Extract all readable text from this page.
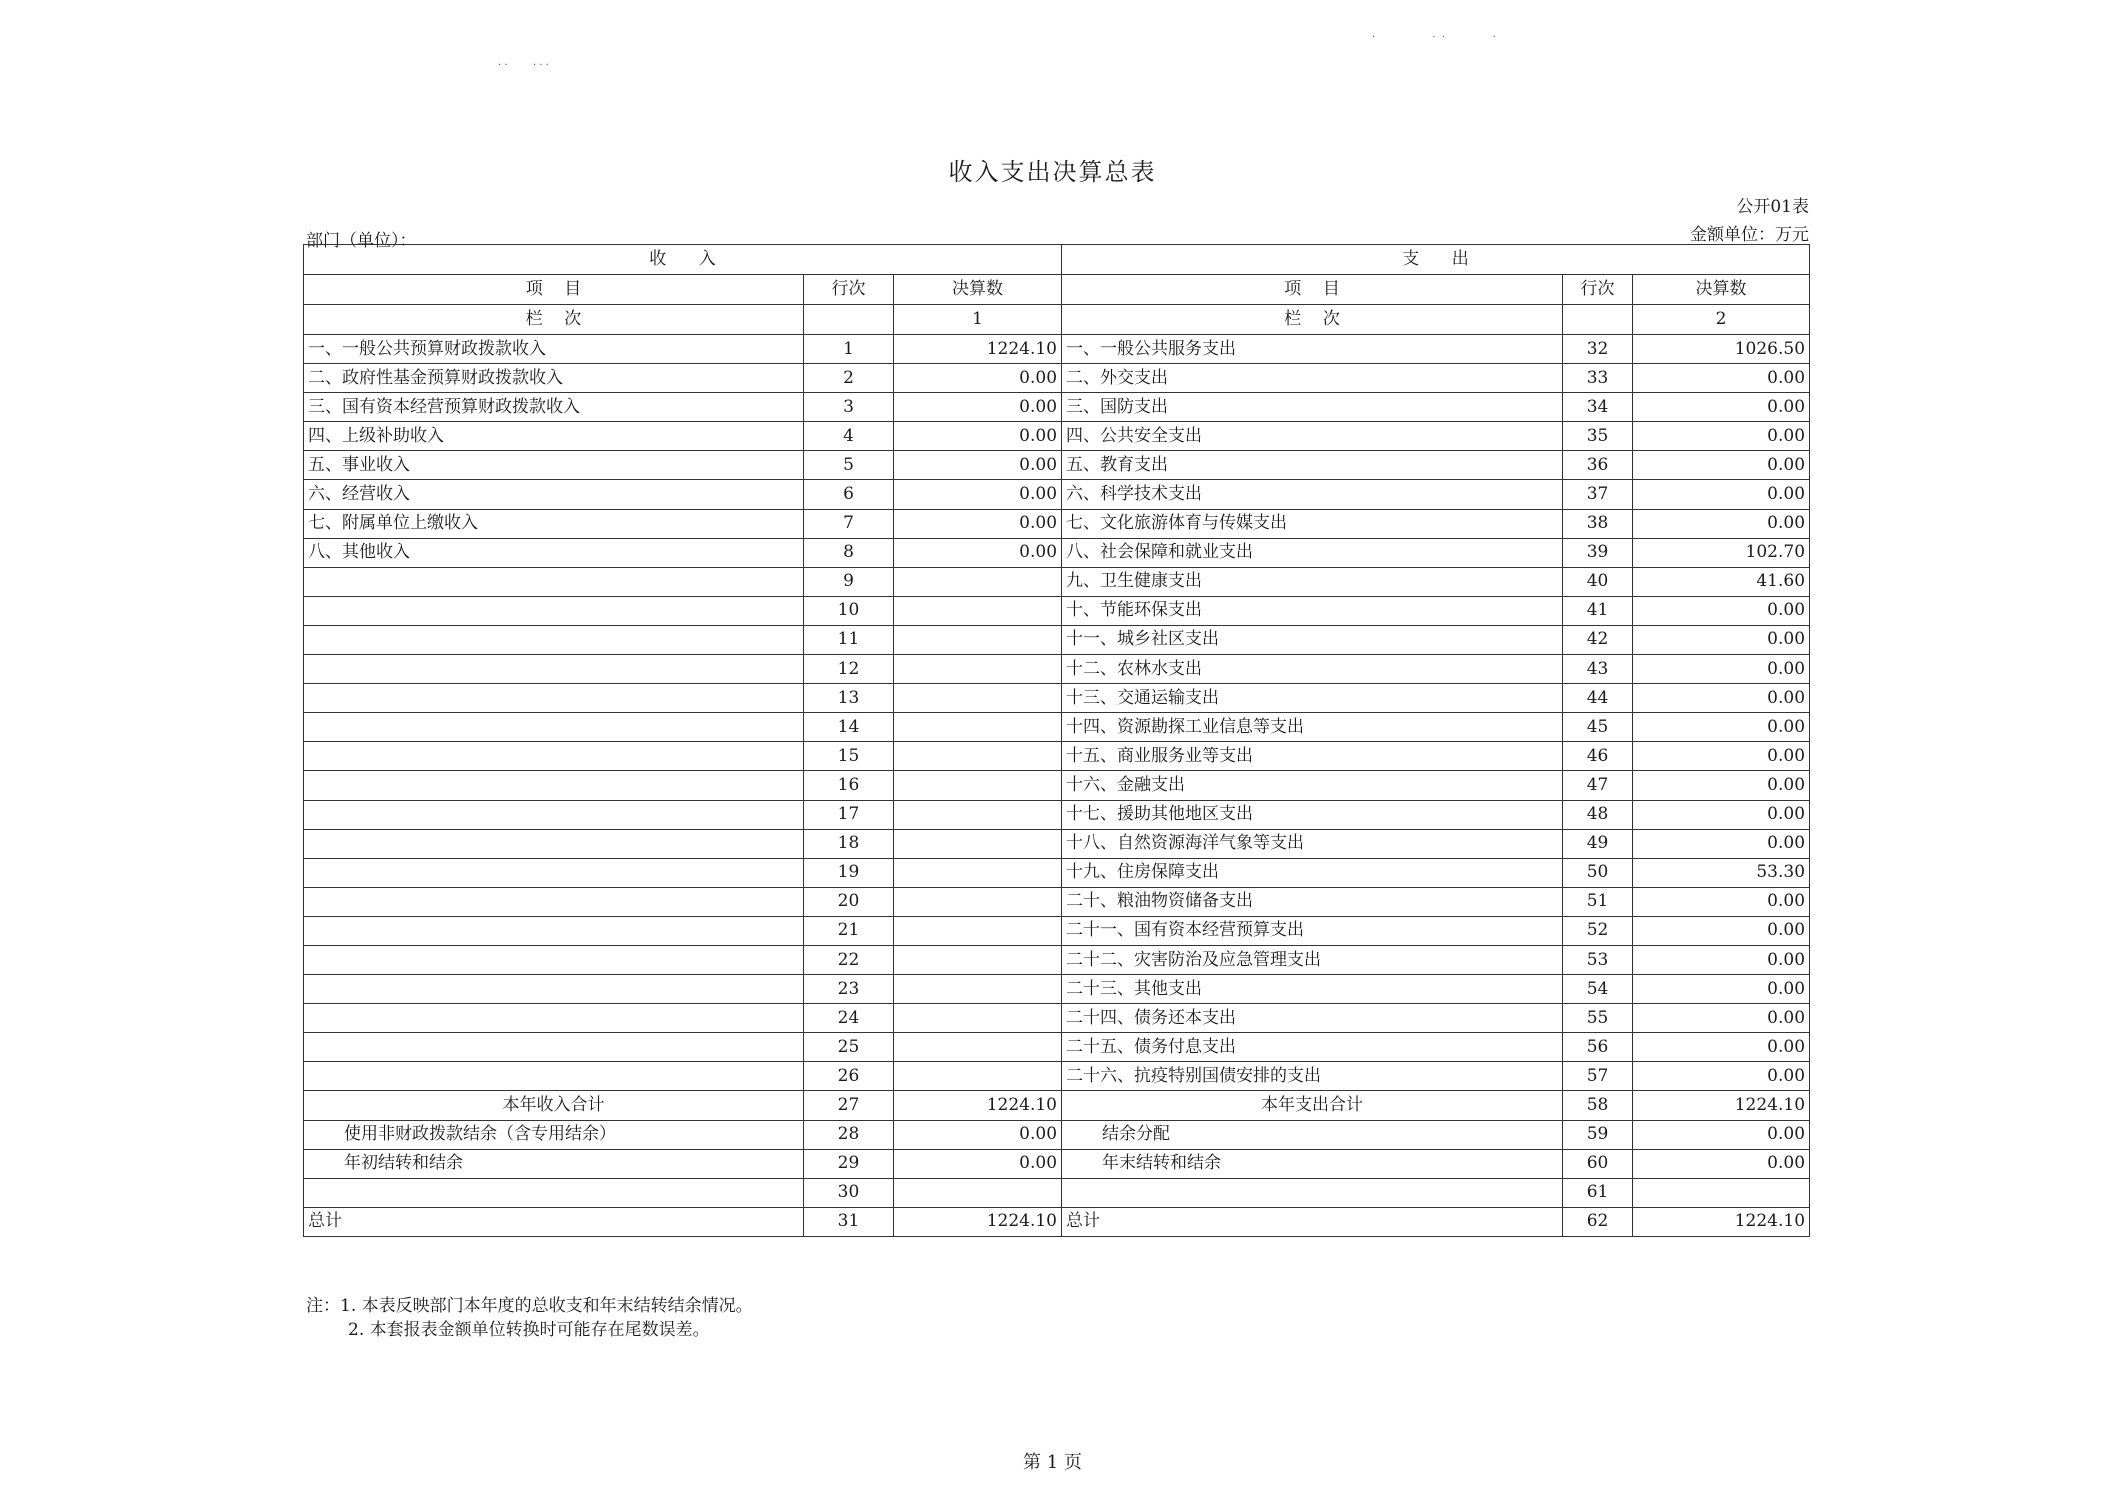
收入支出决算总表
公开01表
金额单位：万元
部门（单位）：
· ·        · · ·
·                  ·  ·               ·
收      入			支      出		
项    目	行次	决算数	项    目	行次	决算数
栏    次		1	栏    次		2
一、一般公共预算财政拨款收入	1	1224.10	一、一般公共服务支出	32	1026.50
二、政府性基金预算财政拨款收入	2	0.00	二、外交支出	33	0.00
三、国有资本经营预算财政拨款收入	3	0.00	三、国防支出	34	0.00
四、上级补助收入	4	0.00	四、公共安全支出	35	0.00
五、事业收入	5	0.00	五、教育支出	36	0.00
六、经营收入	6	0.00	六、科学技术支出	37	0.00
七、附属单位上缴收入	7	0.00	七、文化旅游体育与传媒支出	38	0.00
八、其他收入	8	0.00	八、社会保障和就业支出	39	102.70
	9		九、卫生健康支出	40	41.60
	10		十、节能环保支出	41	0.00
	11		十一、城乡社区支出	42	0.00
	12		十二、农林水支出	43	0.00
	13		十三、交通运输支出	44	0.00
	14		十四、资源勘探工业信息等支出	45	0.00
	15		十五、商业服务业等支出	46	0.00
	16		十六、金融支出	47	0.00
	17		十七、援助其他地区支出	48	0.00
	18		十八、自然资源海洋气象等支出	49	0.00
	19		十九、住房保障支出	50	53.30
	20		二十、粮油物资储备支出	51	0.00
	21		二十一、国有资本经营预算支出	52	0.00
	22		二十二、灾害防治及应急管理支出	53	0.00
	23		二十三、其他支出	54	0.00
	24		二十四、债务还本支出	55	0.00
	25		二十五、债务付息支出	56	0.00
	26		二十六、抗疫特别国债安排的支出	57	0.00
本年收入合计	27	1224.10	本年支出合计	58	1224.10
使用非财政拨款结余（含专用结余）	28	0.00	结余分配	59	0.00
年初结转和结余	29	0.00	年末结转和结余	60	0.00
	30			61	
总计	31	1224.10	总计	62	1224.10
注：1. 本表反映部门本年度的总收支和年末结转结余情况。
2. 本套报表金额单位转换时可能存在尾数误差。
第 1 页
